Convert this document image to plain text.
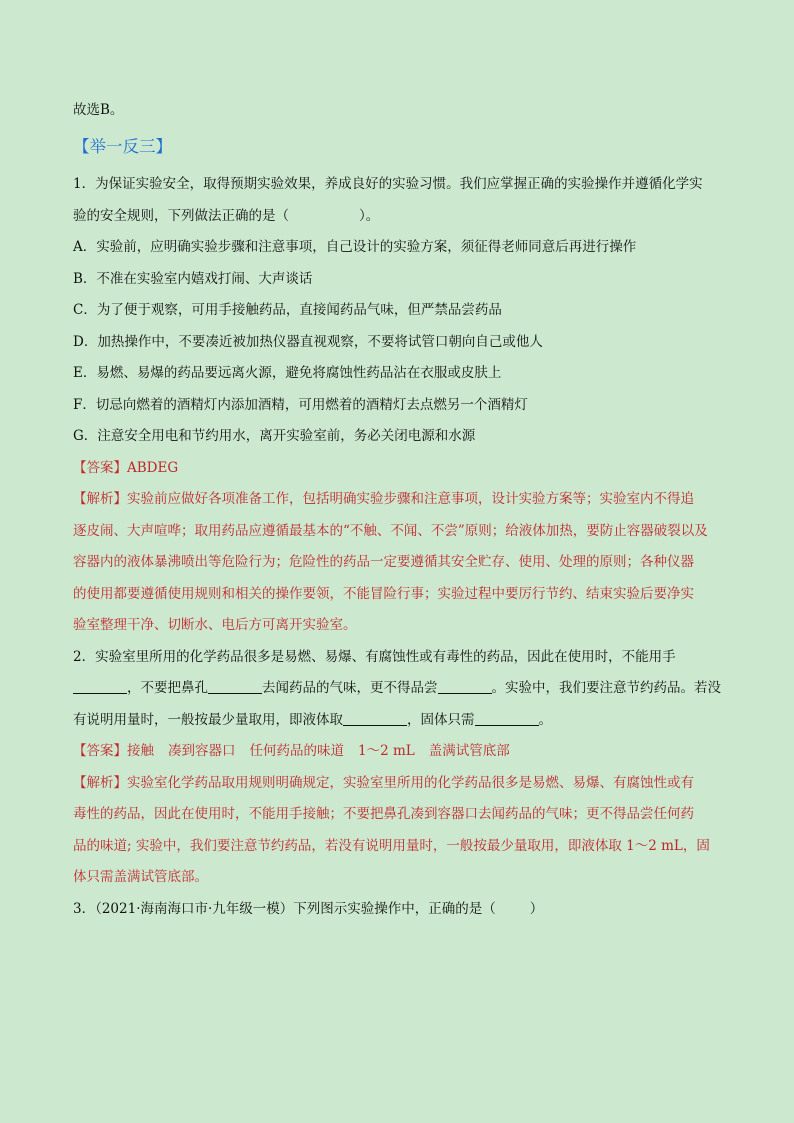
故选B。

【举一反三】

1．为保证实验安全，取得预期实验效果，养成良好的实验习惯。我们应掌握正确的实验操作并遵循化学实

验的安全规则，下列做法正确的是（	）。

A．实验前，应明确实验步骤和注意事项，自己设计的实验方案，须征得老师同意后再进行操作

B．不准在实验室内嬉戏打闹、大声谈话

C．为了便于观察，可用手接触药品，直接闻药品气味，但严禁品尝药品

D．加热操作中，不要凑近被加热仪器直视观察，不要将试管口朝向自己或他人

E．易燃、易爆的药品要远离火源，避免将腐蚀性药品沾在衣服或皮肤上

F．切忌向燃着的酒精灯内添加酒精，可用燃着的酒精灯去点燃另一个酒精灯

G．注意安全用电和节约用水，离开实验室前，务必关闭电源和水源

【答案】ABDEG

【解析】实验前应做好各项准备工作，包括明确实验步骤和注意事项，设计实验方案等；实验室内不得追

逐皮闹、大声喧哗；取用药品应遵循最基本的“不触、不闻、不尝”原则；给液体加热，要防止容器破裂以及

容器内的液体暴沸喷出等危险行为；危险性的药品一定要遵循其安全贮存、使用、处理的原则；各种仪器

的使用都要遵循使用规则和相关的操作要领，不能冒险行事；实验过程中要厉行节约、结束实验后要净实

验室整理干净、切断水、电后方可离开实验室。

2．实验室里所用的化学药品很多是易燃、易爆、有腐蚀性或有毒性的药品，因此在使用时，不能用手

，不要把鼻孔	去闻药品的气味，更不得品尝	。实验中，我们要注意节约药品。若没

有说明用量时，一般按最少量取用，即液体取	，固体只需	。

【答案】接触 凑到容器口 任何药品的味道 1～2 mL 盖满试管底部

【解析】实验室化学药品取用规则明确规定，实验室里所用的化学药品很多是易燃、易爆、有腐蚀性或有

毒性的药品，因此在使用时，不能用手接触；不要把鼻孔凑到容器口去闻药品的气味；更不得品尝任何药

品的味道; 实验中，我们要注意节约药品，若没有说明用量时，一般按最少量取用，即液体取 1～2 mL，固

体只需盖满试管底部。

3．（2021·海南海口市·九年级一模）下列图示实验操作中，正确的是（	）
